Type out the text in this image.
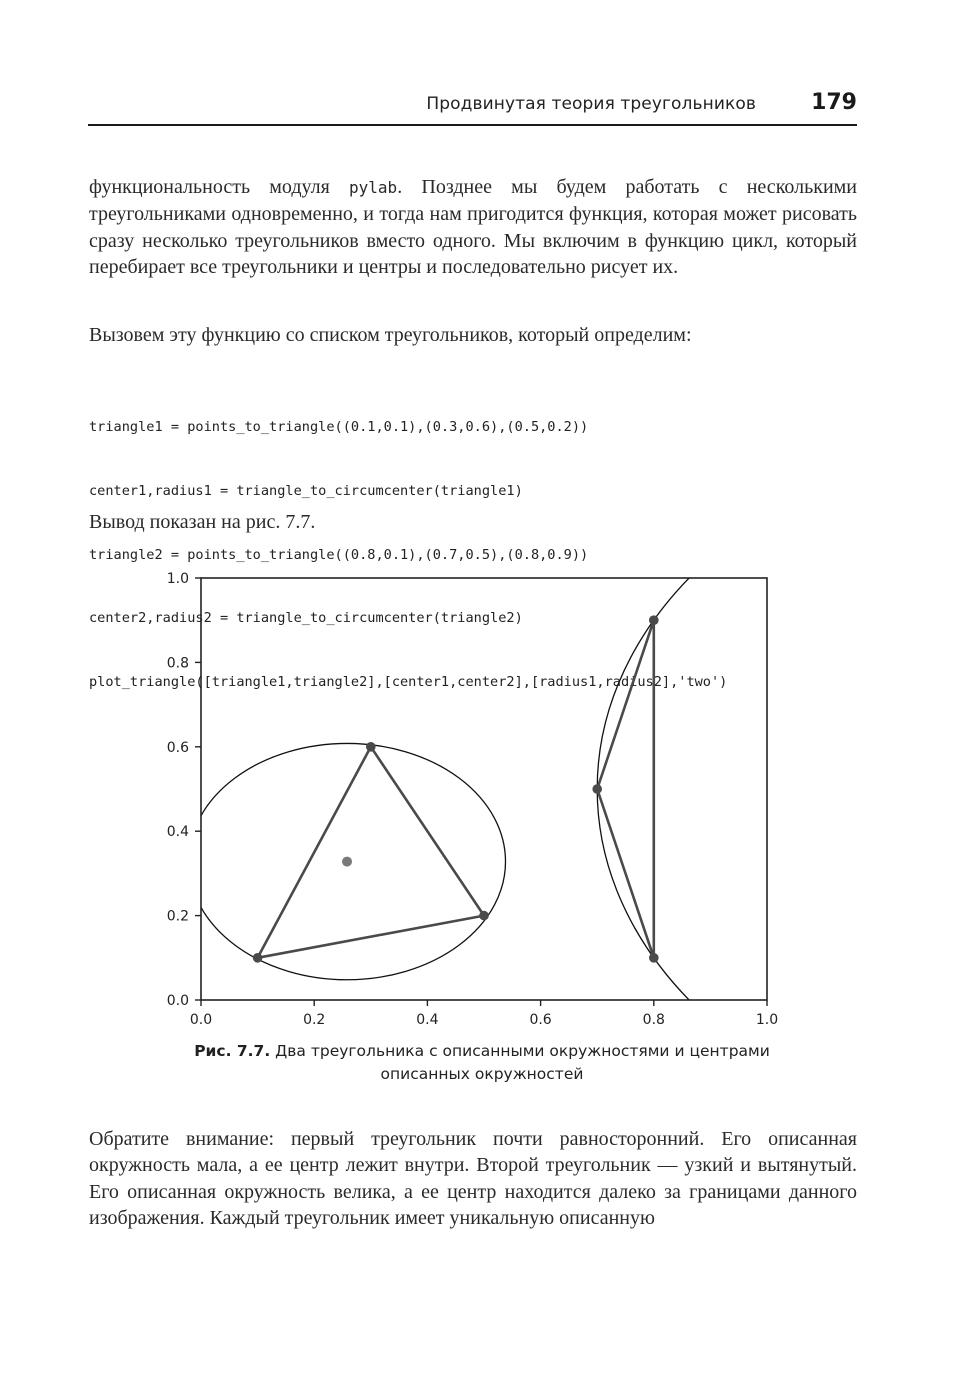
Продвинутая теория треугольников	179

функциональность модуля pylab. Позднее мы будем работать с несколькими треугольниками одновременно, и тогда нам пригодится функция, которая может рисовать сразу несколько треугольников вместо одного. Мы включим в функцию цикл, который перебирает все треугольники и центры и последовательно рисует их.

Вызовем эту функцию со списком треугольников, который определим:

triangle1 = points_to_triangle((0.1,0.1),(0.3,0.6),(0.5,0.2))

center1,radius1 = triangle_to_circumcenter(triangle1)

triangle2 = points_to_triangle((0.8,0.1),(0.7,0.5),(0.8,0.9))

center2,radius2 = triangle_to_circumcenter(triangle2)

plot_triangle([triangle1,triangle2],[center1,center2],[radius1,radius2],'two')

Вывод показан на рис. 7.7.

0.0	0.2	0.4	0.6	0.8	1.0
0.0
0.2
0.4
0.6
0.8
1.0
Рис. 7.7. Два треугольника с описанными окружностями и центрами описанных окружностей

Обратите внимание: первый треугольник почти равносторонний. Его описанная окружность мала, а ее центр лежит внутри. Второй треугольник — узкий и вытянутый. Его описанная окружность велика, а ее центр находится далеко за границами данного изображения. Каждый треугольник имеет уникальную описанную
